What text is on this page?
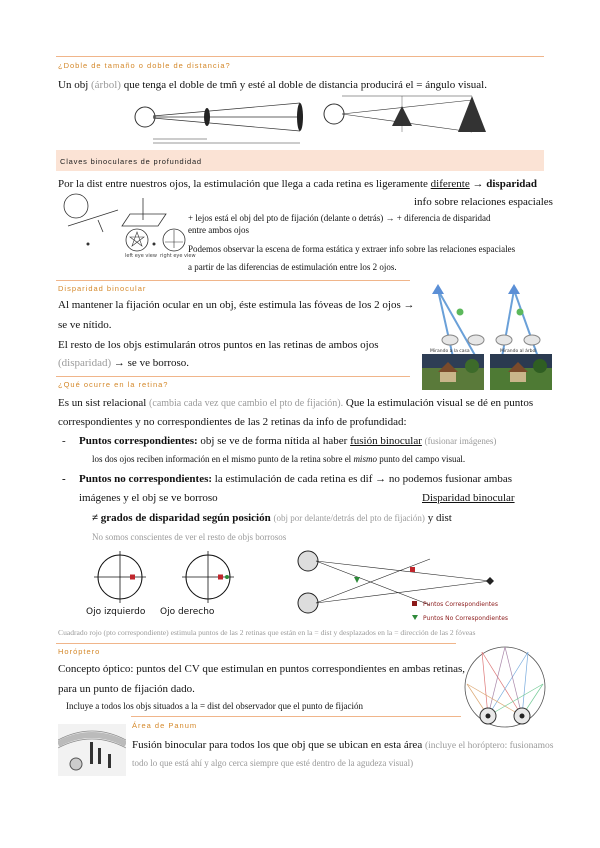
¿Doble de tamaño o doble de distancia?
Un obj (árbol) que tenga el doble de tmñ y esté al doble de distancia producirá el = ángulo visual.
Claves binoculares de profundidad
Por la dist entre nuestros ojos, la estimulación que llega a cada retina es ligeramente diferente → disparidad
info sobre relaciones espaciales
left eye view right eye view
+ lejos está el obj del pto de fijación (delante o detrás) → + diferencia de disparidad
entre ambos ojos
Podemos observar la escena de forma estática y extraer info sobre las relaciones espaciales
a partir de las diferencias de estimulación entre los 2 ojos.
Disparidad binocular
Al mantener la fijación ocular en un obj, éste estimula las fóveas de los 2 ojos →
se ve nítido.
El resto de los objs estimularán otros puntos en las retinas de ambos ojos
(disparidad) → se ve borroso.
Mirando a la casa	Mirando al árbol
¿Qué ocurre en la retina?
Es un sist relacional (cambia cada vez que cambio el pto de fijación). Que la estimulación visual se dé en puntos
correspondientes y no correspondientes de las 2 retinas da info de profundidad:
- Puntos correspondientes: obj se ve de forma nítida al haber fusión binocular (fusionar imágenes)
los dos ojos reciben información en el mismo punto de la retina sobre el mismo punto del campo visual.
- Puntos no correspondientes: la estimulación de cada retina es dif → no podemos fusionar ambas
imágenes y el obj se ve borroso	Disparidad binocular
≠ grados de disparidad según posición (obj por delante/detrás del pto de fijación) y dist
No somos conscientes de ver el resto de objs borrosos
Ojo izquierdo Ojo derecho
Puntos Correspondientes
Puntos No Correspondientes
Cuadrado rojo (pto correspondiente) estimula puntos de las 2 retinas que están en la = dist y desplazados en la = dirección de las 2 fóveas
Horóptero
Concepto óptico: puntos del CV que estimulan en puntos correspondientes en ambas retinas,
para un punto de fijación dado.
Incluye a todos los objs situados a la = dist del observador que el punto de fijación
Área de Panum
Fusión binocular para todos los que obj que se ubican en esta área (incluye el horóptero: fusionamos
todo lo que está ahí y algo cerca siempre que esté dentro de la agudeza visual)
